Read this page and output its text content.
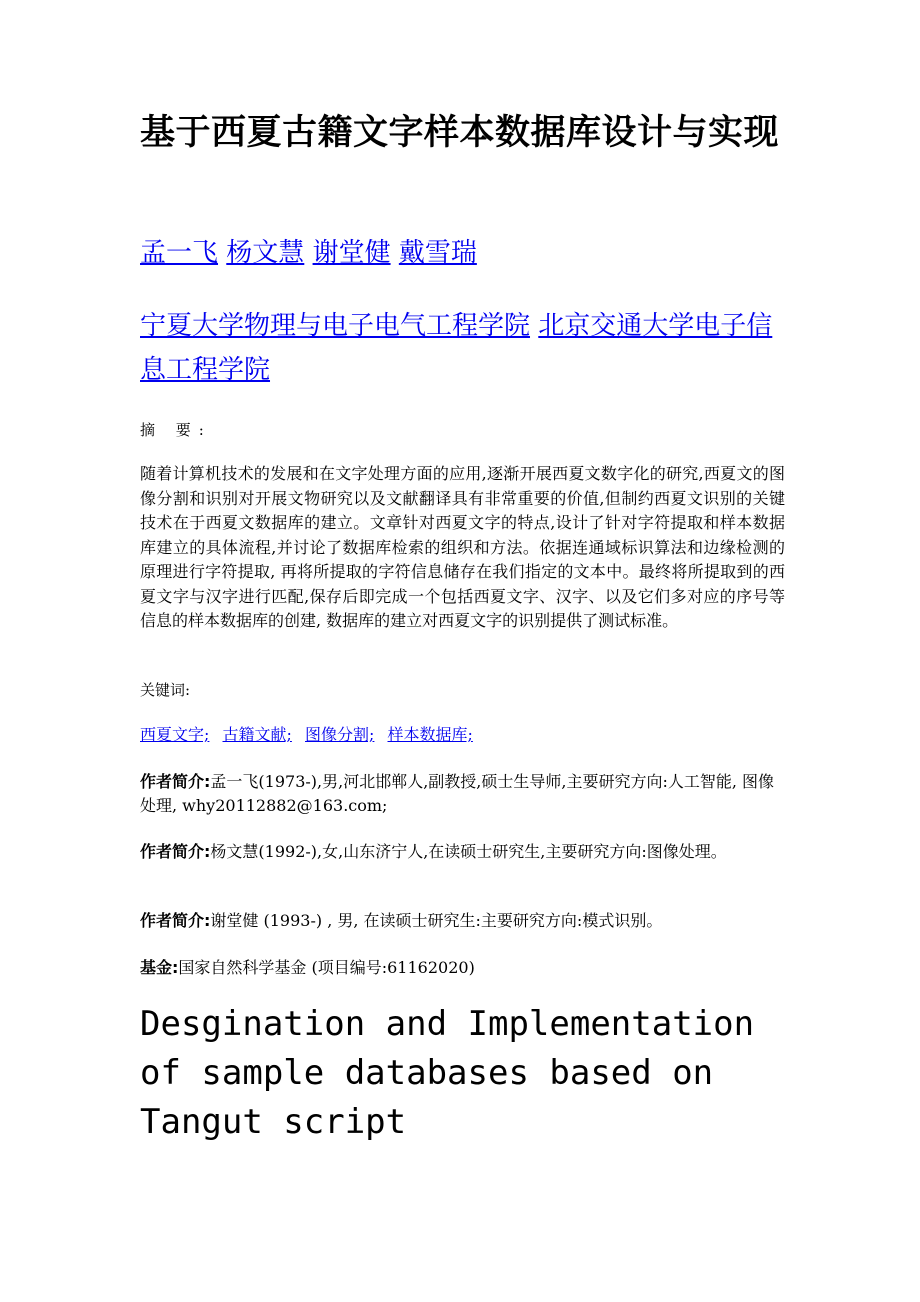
基于西夏古籍文字样本数据库设计与实现
孟一飞 杨文慧 谢堂健 戴雪瑞
宁夏大学物理与电子电气工程学院 北京交通大学电子信息工程学院
摘 要:
随着计算机技术的发展和在文字处理方面的应用,逐渐开展西夏文数字化的研究,西夏文的图像分割和识别对开展文物研究以及文献翻译具有非常重要的价值,但制约西夏文识别的关键技术在于西夏文数据库的建立。文章针对西夏文字的特点,设计了针对字符提取和样本数据库建立的具体流程,并讨论了数据库检索的组织和方法。依据连通域标识算法和边缘检测的原理进行字符提取, 再将所提取的字符信息储存在我们指定的文本中。最终将所提取到的西夏文字与汉字进行匹配,保存后即完成一个包括西夏文字、汉字、以及它们多对应的序号等信息的样本数据库的创建, 数据库的建立对西夏文字的识别提供了测试标准。
关键词:
西夏文字; 古籍文献; 图像分割; 样本数据库;
作者简介:孟一飞(1973-),男,河北邯郸人,副教授,硕士生导师,主要研究方向:人工智能, 图像处理, why20112882@163.com;
作者简介:杨文慧(1992-),女,山东济宁人,在读硕士研究生,主要研究方向:图像处理。
作者简介:谢堂健 (1993-) , 男, 在读硕士研究生:主要研究方向:模式识别。
基金:国家自然科学基金 (项目编号:61162020)
Desgination and Implementation of sample databases based on Tangut script
